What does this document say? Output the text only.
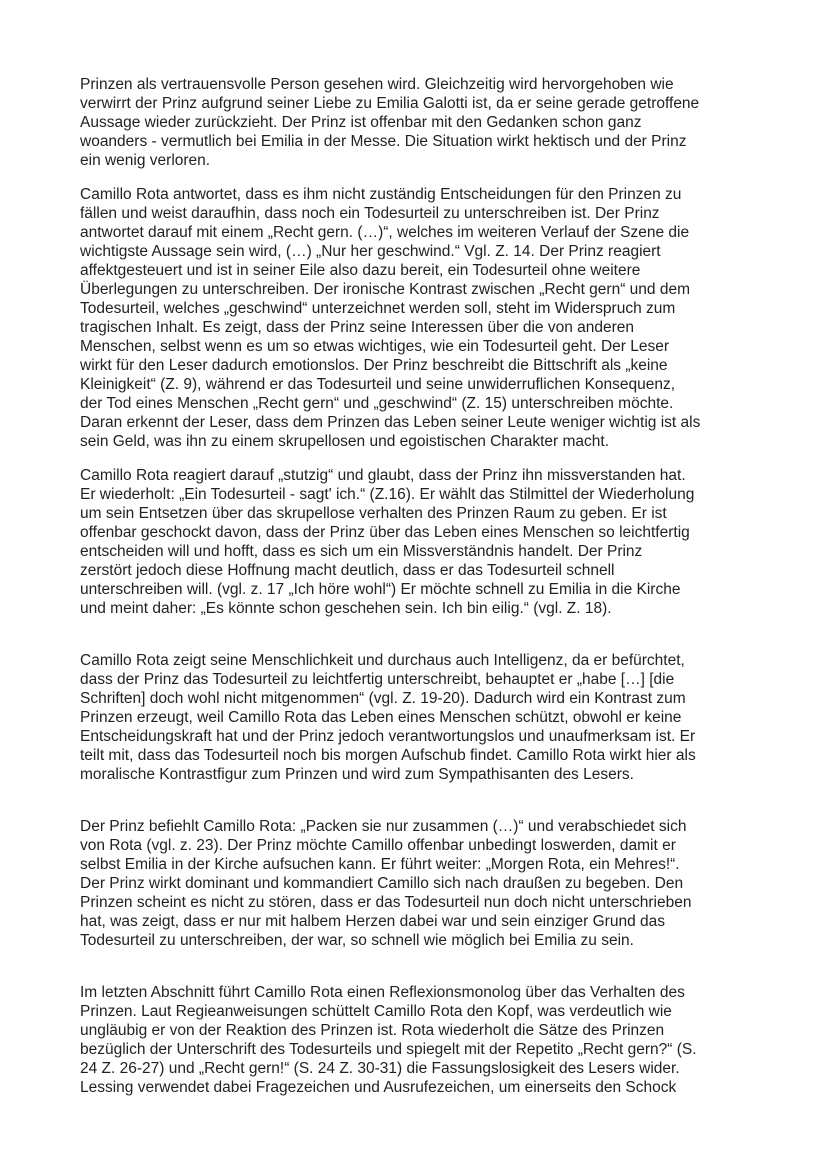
Prinzen als vertrauensvolle Person gesehen wird. Gleichzeitig wird hervorgehoben wie
verwirrt der Prinz aufgrund seiner Liebe zu Emilia Galotti ist, da er seine gerade getroffene
Aussage wieder zurückzieht. Der Prinz ist offenbar mit den Gedanken schon ganz
woanders - vermutlich bei Emilia in der Messe. Die Situation wirkt hektisch und der Prinz
ein wenig verloren.

Camillo Rota antwortet, dass es ihm nicht zuständig Entscheidungen für den Prinzen zu
fällen und weist daraufhin, dass noch ein Todesurteil zu unterschreiben ist. Der Prinz
antwortet darauf mit einem „Recht gern. (…)“, welches im weiteren Verlauf der Szene die
wichtigste Aussage sein wird, (…) „Nur her geschwind.“ Vgl. Z. 14. Der Prinz reagiert
affektgesteuert und ist in seiner Eile also dazu bereit, ein Todesurteil ohne weitere
Überlegungen zu unterschreiben. Der ironische Kontrast zwischen „Recht gern“ und dem
Todesurteil, welches „geschwind“ unterzeichnet werden soll, steht im Widerspruch zum
tragischen Inhalt. Es zeigt, dass der Prinz seine Interessen über die von anderen
Menschen, selbst wenn es um so etwas wichtiges, wie ein Todesurteil geht. Der Leser
wirkt für den Leser dadurch emotionslos. Der Prinz beschreibt die Bittschrift als „keine
Kleinigkeit“ (Z. 9), während er das Todesurteil und seine unwiderruflichen Konsequenz,
der Tod eines Menschen „Recht gern“ und „geschwind“ (Z. 15) unterschreiben möchte.
Daran erkennt der Leser, dass dem Prinzen das Leben seiner Leute weniger wichtig ist als
sein Geld, was ihn zu einem skrupellosen und egoistischen Charakter macht.

Camillo Rota reagiert darauf „stutzig“ und glaubt, dass der Prinz ihn missverstanden hat.
Er wiederholt: „Ein Todesurteil - sagt' ich.“ (Z.16). Er wählt das Stilmittel der Wiederholung
um sein Entsetzen über das skrupellose verhalten des Prinzen Raum zu geben. Er ist
offenbar geschockt davon, dass der Prinz über das Leben eines Menschen so leichtfertig
entscheiden will und hofft, dass es sich um ein Missverständnis handelt. Der Prinz
zerstört jedoch diese Hoffnung macht deutlich, dass er das Todesurteil schnell
unterschreiben will. (vgl. z. 17 „Ich höre wohl“) Er möchte schnell zu Emilia in die Kirche
und meint daher: „Es könnte schon geschehen sein. Ich bin eilig.“ (vgl. Z. 18).

Camillo Rota zeigt seine Menschlichkeit und durchaus auch Intelligenz, da er befürchtet,
dass der Prinz das Todesurteil zu leichtfertig unterschreibt, behauptet er „habe […] [die
Schriften] doch wohl nicht mitgenommen“ (vgl. Z. 19-20). Dadurch wird ein Kontrast zum
Prinzen erzeugt, weil Camillo Rota das Leben eines Menschen schützt, obwohl er keine
Entscheidungskraft hat und der Prinz jedoch verantwortungslos und unaufmerksam ist. Er
teilt mit, dass das Todesurteil noch bis morgen Aufschub findet. Camillo Rota wirkt hier als
moralische Kontrastfigur zum Prinzen und wird zum Sympathisanten des Lesers.

Der Prinz befiehlt Camillo Rota: „Packen sie nur zusammen (…)“ und verabschiedet sich
von Rota (vgl. z. 23). Der Prinz möchte Camillo offenbar unbedingt loswerden, damit er
selbst Emilia in der Kirche aufsuchen kann. Er führt weiter: „Morgen Rota, ein Mehres!“.
Der Prinz wirkt dominant und kommandiert Camillo sich nach draußen zu begeben. Den
Prinzen scheint es nicht zu stören, dass er das Todesurteil nun doch nicht unterschrieben
hat, was zeigt, dass er nur mit halbem Herzen dabei war und sein einziger Grund das
Todesurteil zu unterschreiben, der war, so schnell wie möglich bei Emilia zu sein.

Im letzten Abschnitt führt Camillo Rota einen Reflexionsmonolog über das Verhalten des
Prinzen. Laut Regieanweisungen schüttelt Camillo Rota den Kopf, was verdeutlich wie
ungläubig er von der Reaktion des Prinzen ist. Rota wiederholt die Sätze des Prinzen
bezüglich der Unterschrift des Todesurteils und spiegelt mit der Repetito „Recht gern?“ (S.
24 Z. 26-27) und „Recht gern!“ (S. 24 Z. 30-31) die Fassungslosigkeit des Lesers wider.
Lessing verwendet dabei Fragezeichen und Ausrufezeichen, um einerseits den Schock
